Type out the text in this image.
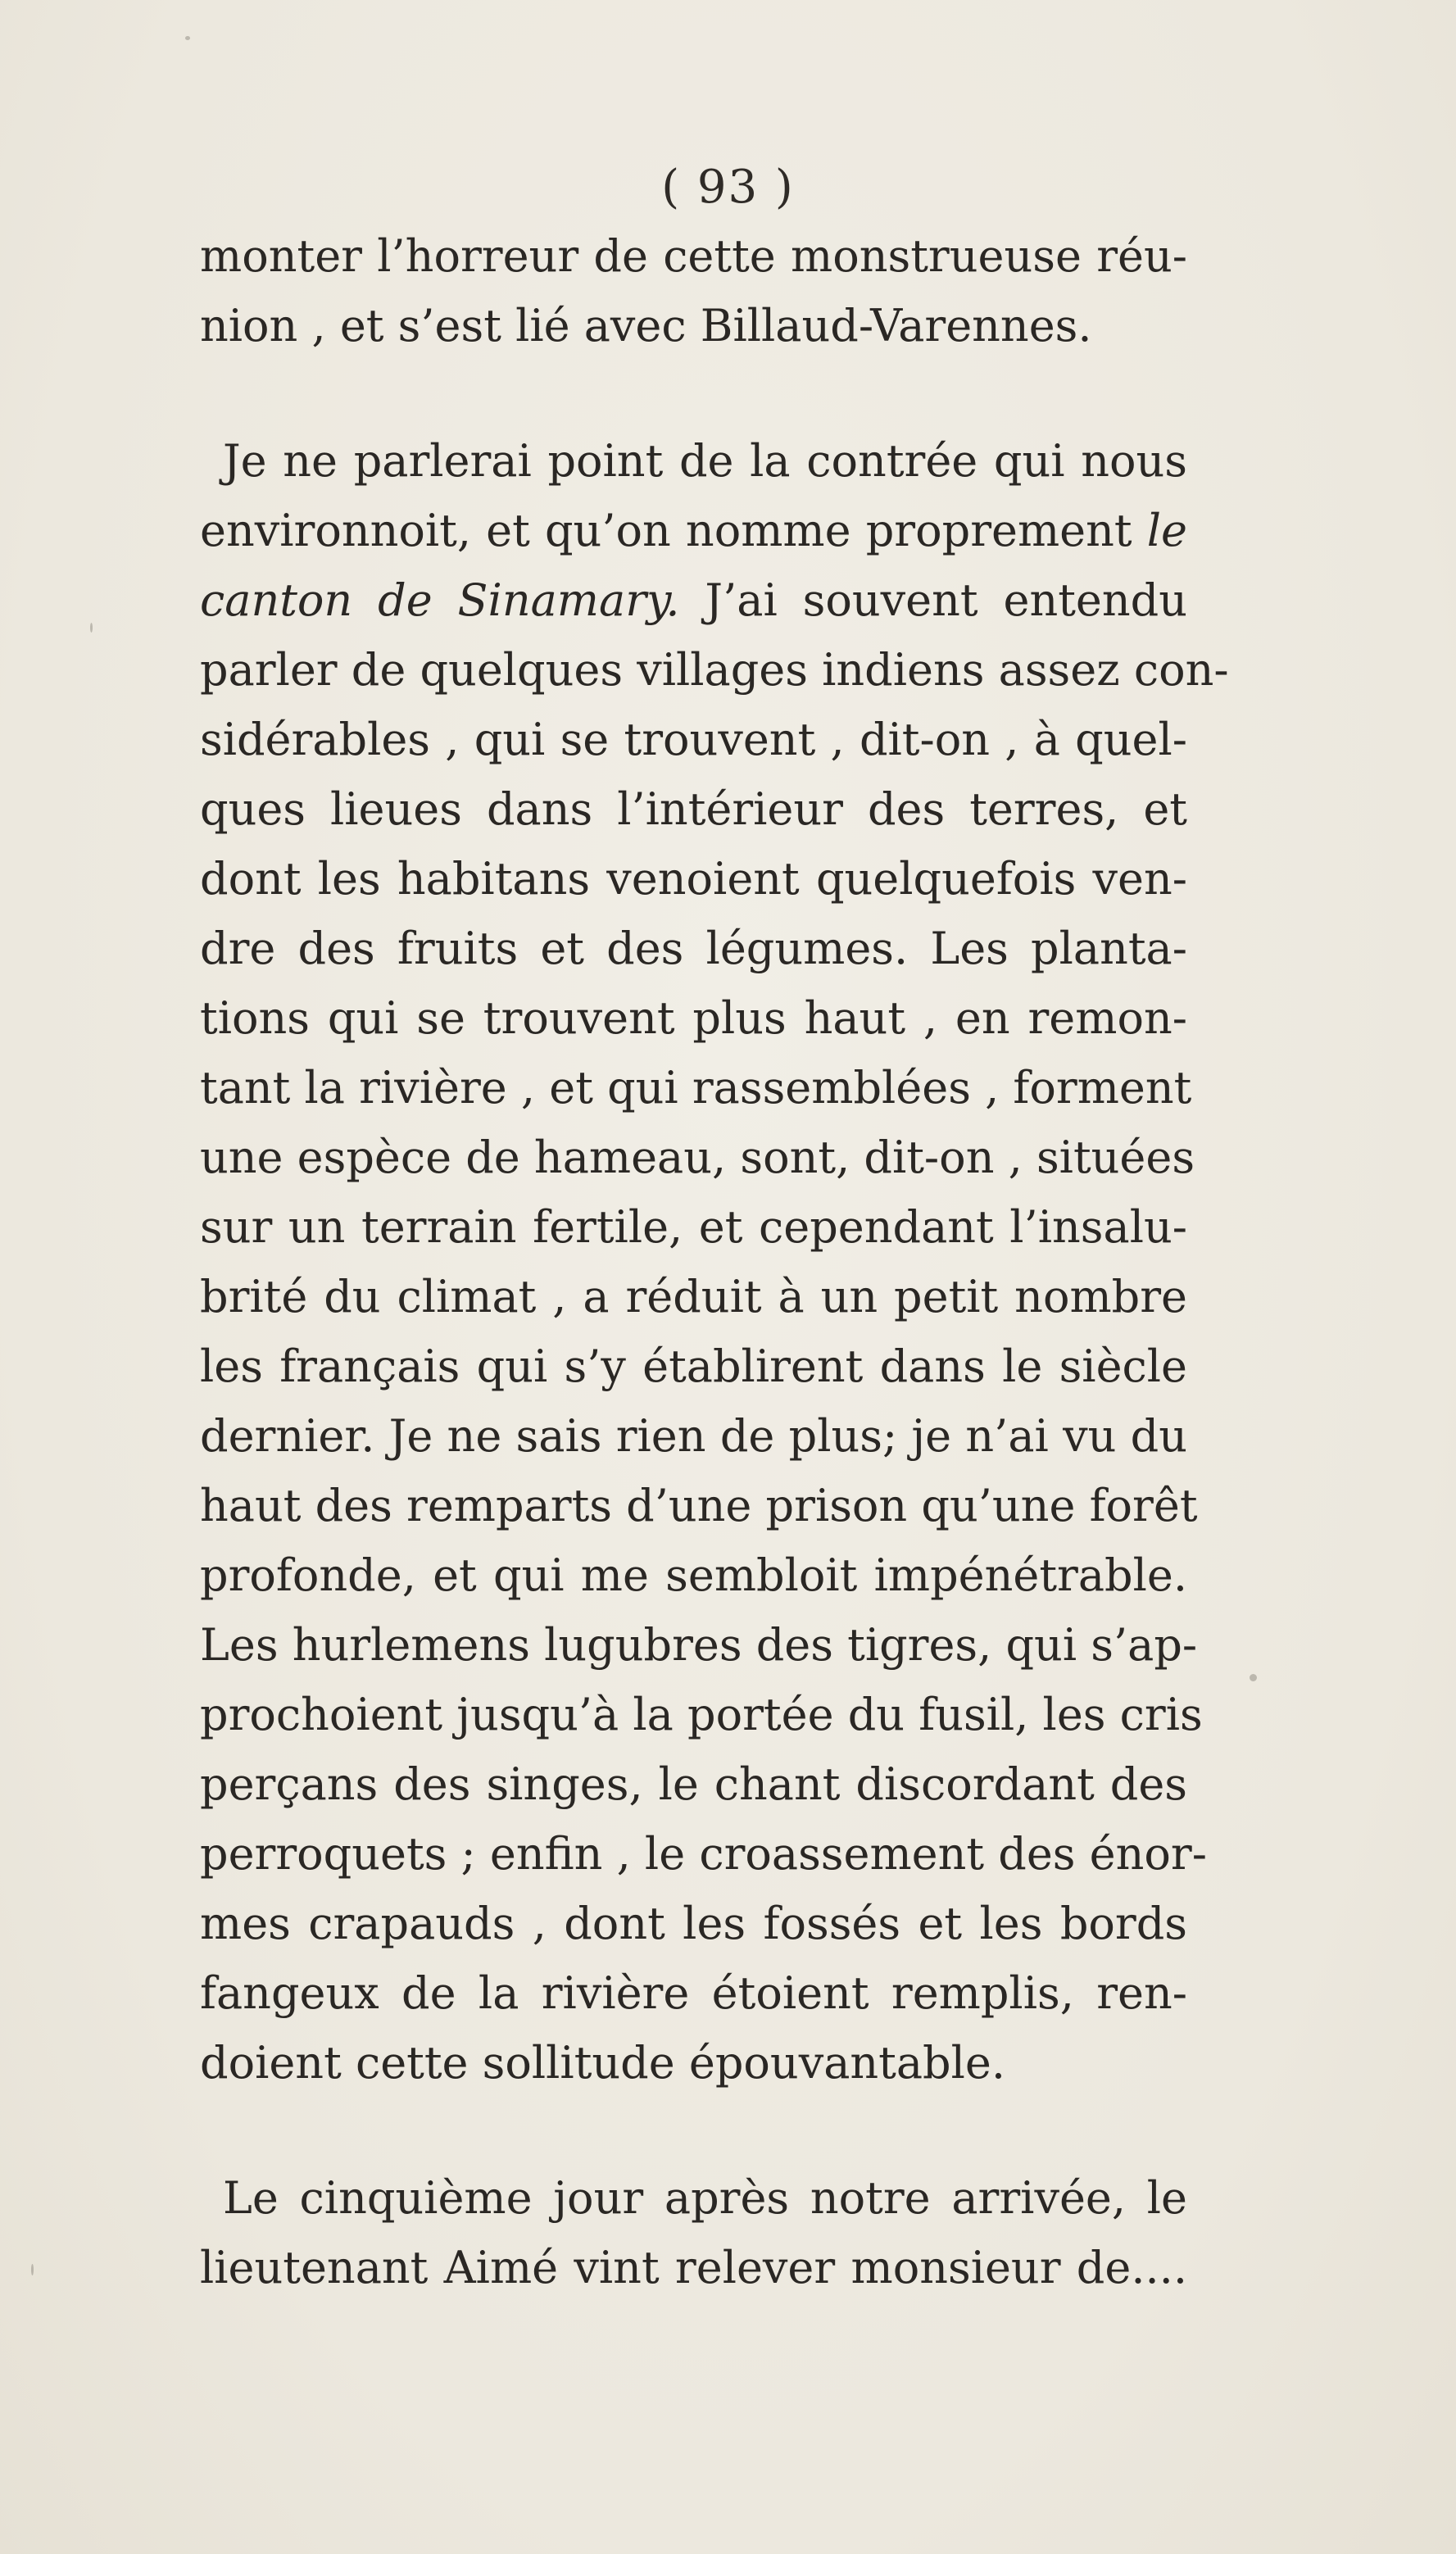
( 93 )
monter l’horreur de cette monstrueuse réu-
nion , et s’est lié avec Billaud-Varennes.
Je ne parlerai point de la contrée qui nous
environnoit, et qu’on nomme proprement le
canton de Sinamary. J’ai souvent entendu
parler de quelques villages indiens assez con-
sidérables , qui se trouvent , dit-on , à quel-
ques lieues dans l’intérieur des terres, et
dont les habitans venoient quelquefois ven-
dre des fruits et des légumes. Les planta-
tions qui se trouvent plus haut , en remon-
tant la rivière , et qui rassemblées , forment
une espèce de hameau, sont, dit-on , situées
sur un terrain fertile, et cependant l’insalu-
brité du climat , a réduit à un petit nombre
les français qui s’y établirent dans le siècle
dernier. Je ne sais rien de plus; je n’ai vu du
haut des remparts d’une prison qu’une forêt
profonde, et qui me sembloit impénétrable.
Les hurlemens lugubres des tigres, qui s’ap-
prochoient jusqu’à la portée du fusil, les cris
perçans des singes, le chant discordant des
perroquets ; enfin , le croassement des énor-
mes crapauds , dont les fossés et les bords
fangeux de la rivière étoient remplis, ren-
doient cette sollitude épouvantable.
Le cinquième jour après notre arrivée, le
lieutenant Aimé vint relever monsieur de....
